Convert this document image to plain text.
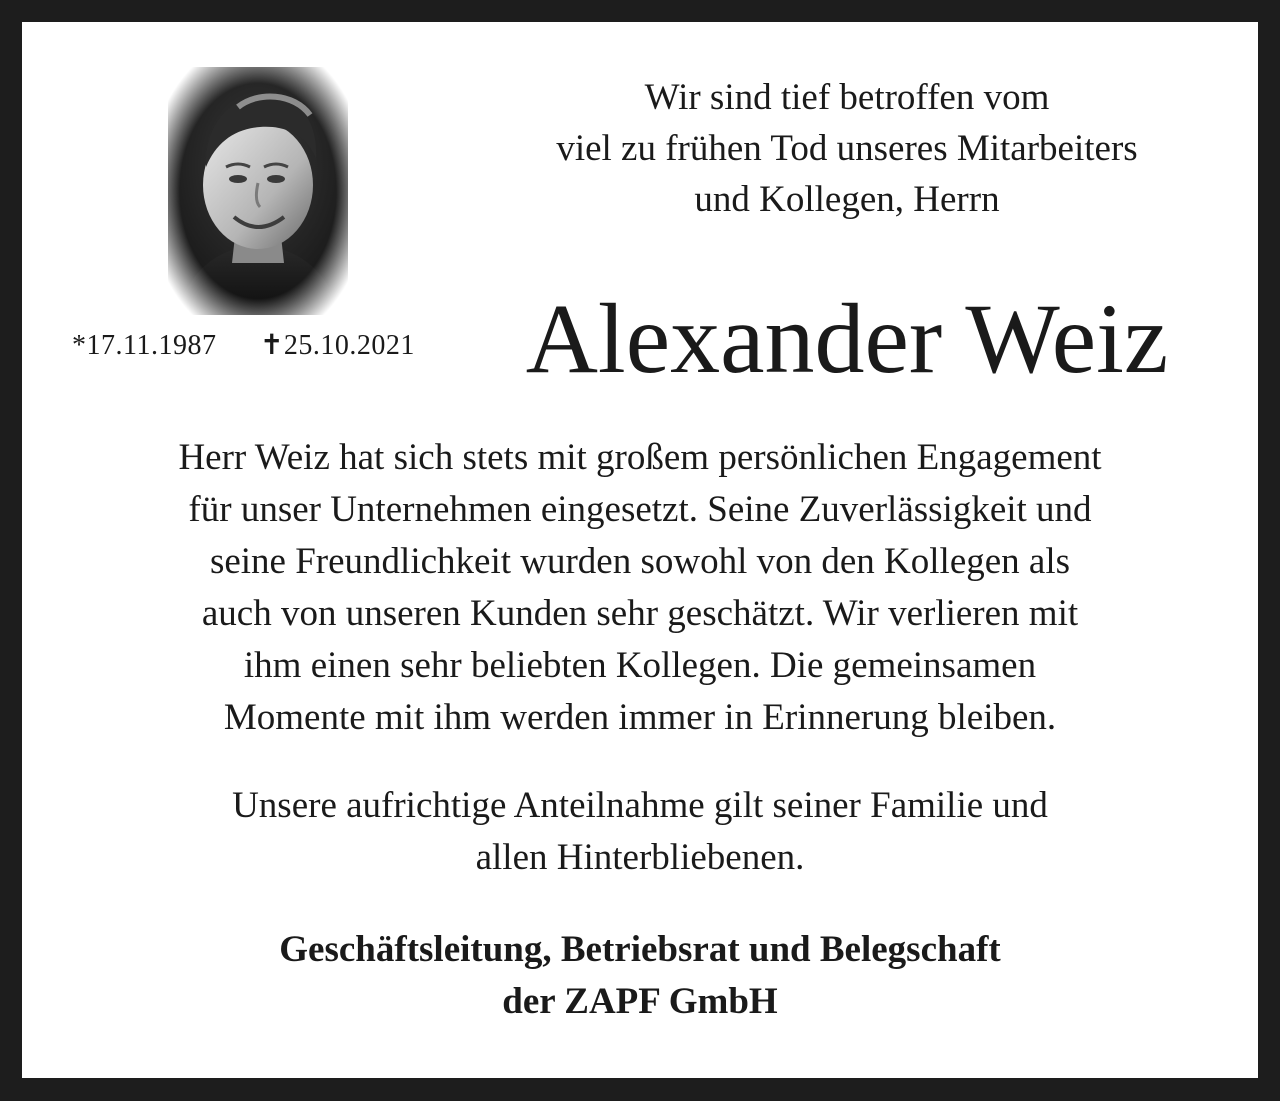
*17.11.1987 ✝25.10.2021
Wir sind tief betroffen vom
viel zu frühen Tod unseres Mitarbeiters
und Kollegen, Herrn
Alexander Weiz
Herr Weiz hat sich stets mit großem persönlichen Engagement
für unser Unternehmen eingesetzt. Seine Zuverlässigkeit und
seine Freundlichkeit wurden sowohl von den Kollegen als
auch von unseren Kunden sehr geschätzt. Wir verlieren mit
ihm einen sehr beliebten Kollegen. Die gemeinsamen
Momente mit ihm werden immer in Erinnerung bleiben.
Unsere aufrichtige Anteilnahme gilt seiner Familie und
allen Hinterbliebenen.
Geschäftsleitung, Betriebsrat und Belegschaft
der ZAPF GmbH
